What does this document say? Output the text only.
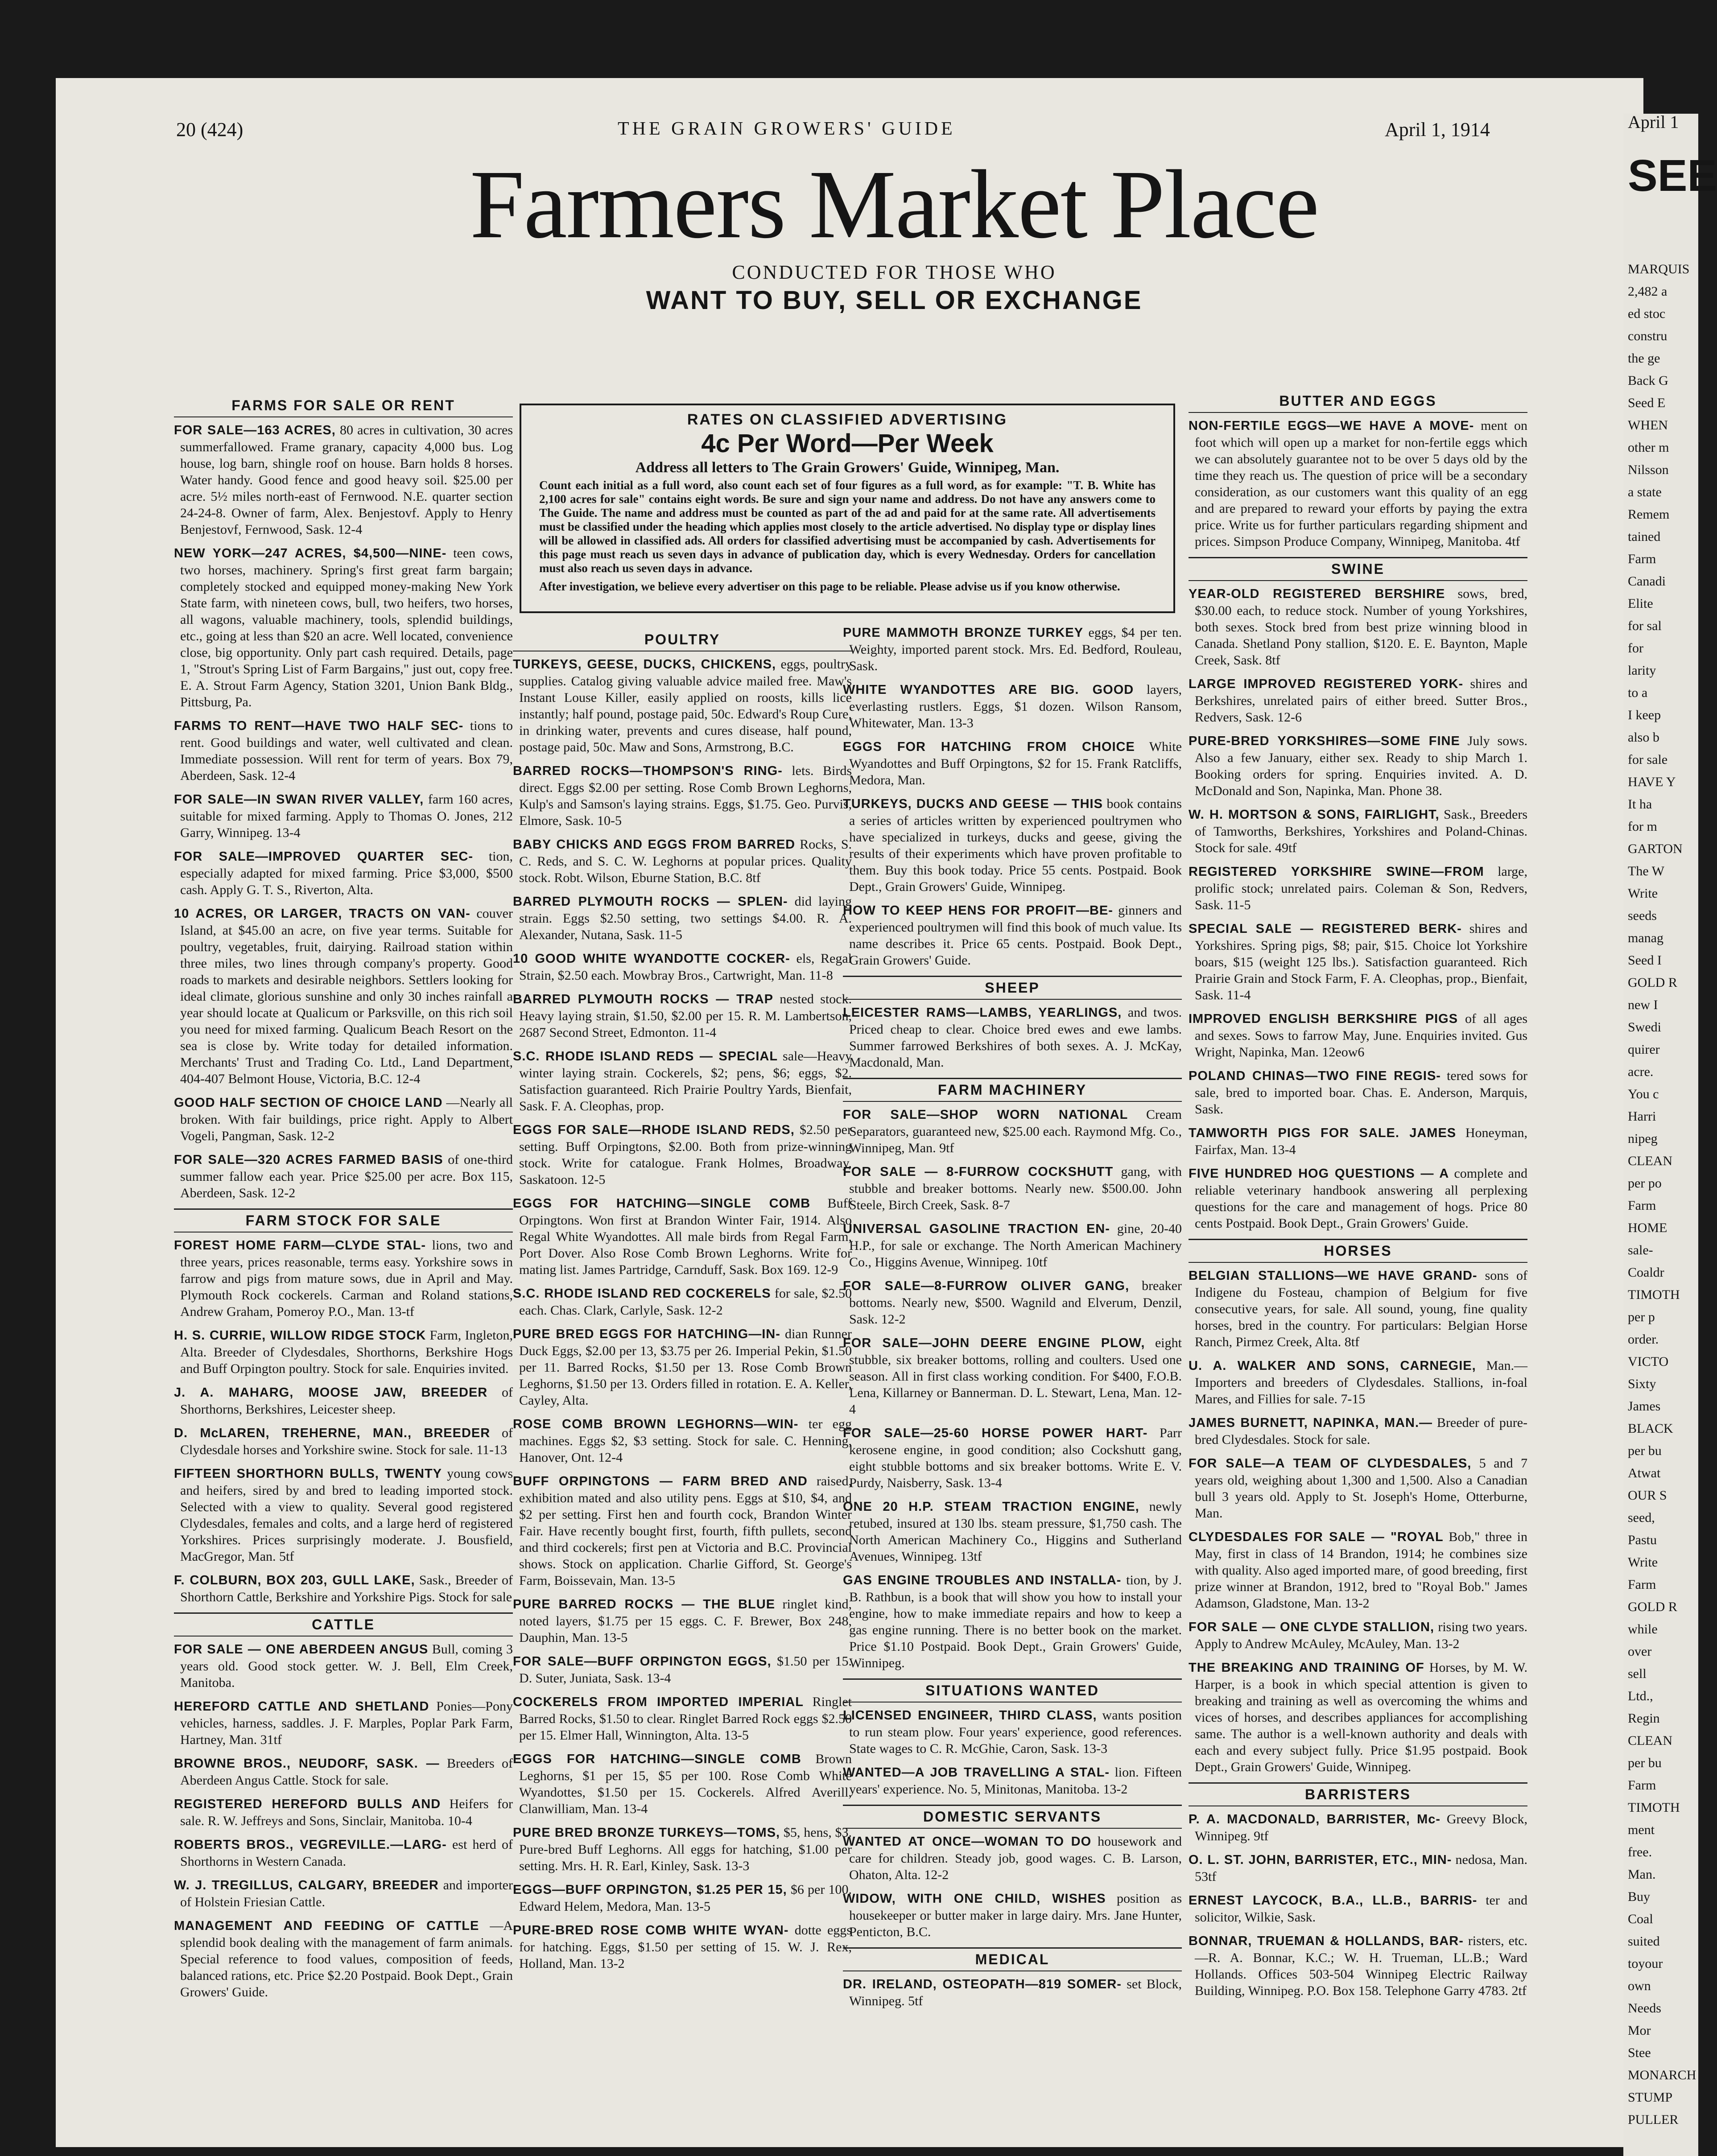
20 (424)	THE GRAIN GROWERS' GUIDE	April 1, 1914
Farmers Market Place
CONDUCTED FOR THOSE WHO
WANT TO BUY, SELL OR EXCHANGE
RATES ON CLASSIFIED ADVERTISING
4c Per Word—Per Week
Address all letters to The Grain Growers' Guide, Winnipeg, Man.
Count each initial as a full word, also count each set of four figures as a full word, as for example: "T. B. White has 2,100 acres for sale" contains eight words. Be sure and sign your name and address. Do not have any answers come to The Guide. The name and address must be counted as part of the ad and paid for at the same rate. All advertisements must be classified under the heading which applies most closely to the article advertised. No display type or display lines will be allowed in classified ads. All orders for classified advertising must be accompanied by cash. Advertisements for this page must reach us seven days in advance of publication day, which is every Wednesday. Orders for cancellation must also reach us seven days in advance.
After investigation, we believe every advertiser on this page to be reliable. Please advise us if you know otherwise.
FARMS FOR SALE OR RENT
FOR SALE—163 ACRES, 80 acres in cultivation, 30 acres summerfallowed. Frame granary, capacity 4,000 bus. Log house, log barn, shingle roof on house. Barn holds 8 horses. Water handy. Good fence and good heavy soil. $25.00 per acre. 5½ miles north-east of Fernwood. N.E. quarter section 24-24-8. Owner of farm, Alex. Benjestovf. Apply to Henry Benjestovf, Fernwood, Sask. 12-4
NEW YORK—247 ACRES, $4,500—NINE- teen cows, two horses, machinery. Spring's first great farm bargain; completely stocked and equipped money-making New York State farm, with nineteen cows, bull, two heifers, two horses, all wagons, valuable machinery, tools, splendid buildings, etc., going at less than $20 an acre. Well located, convenience close, big opportunity. Only part cash required. Details, page 1, "Strout's Spring List of Farm Bargains," just out, copy free. E. A. Strout Farm Agency, Station 3201, Union Bank Bldg., Pittsburg, Pa.
FARMS TO RENT—HAVE TWO HALF SEC- tions to rent. Good buildings and water, well cultivated and clean. Immediate possession. Will rent for term of years. Box 79, Aberdeen, Sask. 12-4
FOR SALE—IN SWAN RIVER VALLEY, farm 160 acres, suitable for mixed farming. Apply to Thomas O. Jones, 212 Garry, Winnipeg. 13-4
FOR SALE—IMPROVED QUARTER SEC- tion, especially adapted for mixed farming. Price $3,000, $500 cash. Apply G. T. S., Riverton, Alta.
10 ACRES, OR LARGER, TRACTS ON VAN- couver Island, at $45.00 an acre, on five year terms. Suitable for poultry, vegetables, fruit, dairying. Railroad station within three miles, two lines through company's property. Good roads to markets and desirable neighbors. Settlers looking for ideal climate, glorious sunshine and only 30 inches rainfall a year should locate at Qualicum or Parksville, on this rich soil you need for mixed farming. Qualicum Beach Resort on the sea is close by. Write today for detailed information. Merchants' Trust and Trading Co. Ltd., Land Department, 404-407 Belmont House, Victoria, B.C. 12-4
GOOD HALF SECTION OF CHOICE LAND —Nearly all broken. With fair buildings, price right. Apply to Albert Vogeli, Pangman, Sask. 12-2
FOR SALE—320 ACRES FARMED BASIS of one-third summer fallow each year. Price $25.00 per acre. Box 115, Aberdeen, Sask. 12-2
FARM STOCK FOR SALE
FOREST HOME FARM—CLYDE STAL- lions, two and three years, prices reasonable, terms easy. Yorkshire sows in farrow and pigs from mature sows, due in April and May. Plymouth Rock cockerels. Carman and Roland stations, Andrew Graham, Pomeroy P.O., Man. 13-tf
H. S. CURRIE, WILLOW RIDGE STOCK Farm, Ingleton, Alta. Breeder of Clydesdales, Shorthorns, Berkshire Hogs and Buff Orpington poultry. Stock for sale. Enquiries invited.
J. A. MAHARG, MOOSE JAW, BREEDER of Shorthorns, Berkshires, Leicester sheep.
D. McLAREN, TREHERNE, MAN., BREEDER of Clydesdale horses and Yorkshire swine. Stock for sale. 11-13
FIFTEEN SHORTHORN BULLS, TWENTY young cows and heifers, sired by and bred to leading imported stock. Selected with a view to quality. Several good registered Clydesdales, females and colts, and a large herd of registered Yorkshires. Prices surprisingly moderate. J. Bousfield, MacGregor, Man. 5tf
F. COLBURN, BOX 203, GULL LAKE, Sask., Breeder of Shorthorn Cattle, Berkshire and Yorkshire Pigs. Stock for sale
CATTLE
FOR SALE — ONE ABERDEEN ANGUS Bull, coming 3 years old. Good stock getter. W. J. Bell, Elm Creek, Manitoba.
HEREFORD CATTLE AND SHETLAND Ponies—Pony vehicles, harness, saddles. J. F. Marples, Poplar Park Farm, Hartney, Man. 31tf
BROWNE BROS., NEUDORF, SASK. — Breeders of Aberdeen Angus Cattle. Stock for sale.
REGISTERED HEREFORD BULLS AND Heifers for sale. R. W. Jeffreys and Sons, Sinclair, Manitoba. 10-4
ROBERTS BROS., VEGREVILLE.—LARG- est herd of Shorthorns in Western Canada.
W. J. TREGILLUS, CALGARY, BREEDER and importer of Holstein Friesian Cattle.
MANAGEMENT AND FEEDING OF CATTLE —A splendid book dealing with the management of farm animals. Special reference to food values, composition of feeds, balanced rations, etc. Price $2.20 Postpaid. Book Dept., Grain Growers' Guide.
POULTRY
TURKEYS, GEESE, DUCKS, CHICKENS, eggs, poultry supplies. Catalog giving valuable advice mailed free. Maw's Instant Louse Killer, easily applied on roosts, kills lice instantly; half pound, postage paid, 50c. Edward's Roup Cure, in drinking water, prevents and cures disease, half pound, postage paid, 50c. Maw and Sons, Armstrong, B.C.
BARRED ROCKS—THOMPSON'S RING- lets. Birds direct. Eggs $2.00 per setting. Rose Comb Brown Leghorns, Kulp's and Samson's laying strains. Eggs, $1.75. Geo. Purvis, Elmore, Sask. 10-5
BABY CHICKS AND EGGS FROM BARRED Rocks, S. C. Reds, and S. C. W. Leghorns at popular prices. Quality stock. Robt. Wilson, Eburne Station, B.C. 8tf
BARRED PLYMOUTH ROCKS — SPLEN- did laying strain. Eggs $2.50 setting, two settings $4.00. R. A. Alexander, Nutana, Sask. 11-5
10 GOOD WHITE WYANDOTTE COCKER- els, Regal Strain, $2.50 each. Mowbray Bros., Cartwright, Man. 11-8
BARRED PLYMOUTH ROCKS — TRAP nested stock. Heavy laying strain, $1.50, $2.00 per 15. R. M. Lambertson, 2687 Second Street, Edmonton. 11-4
S.C. RHODE ISLAND REDS — SPECIAL sale—Heavy winter laying strain. Cockerels, $2; pens, $6; eggs, $2. Satisfaction guaranteed. Rich Prairie Poultry Yards, Bienfait, Sask. F. A. Cleophas, prop.
EGGS FOR SALE—RHODE ISLAND REDS, $2.50 per setting. Buff Orpingtons, $2.00. Both from prize-winning stock. Write for catalogue. Frank Holmes, Broadway, Saskatoon. 12-5
EGGS FOR HATCHING—SINGLE COMB Buff Orpingtons. Won first at Brandon Winter Fair, 1914. Also Regal White Wyandottes. All male birds from Regal Farm, Port Dover. Also Rose Comb Brown Leghorns. Write for mating list. James Partridge, Carnduff, Sask. Box 169. 12-9
S.C. RHODE ISLAND RED COCKERELS for sale, $2.50 each. Chas. Clark, Carlyle, Sask. 12-2
PURE BRED EGGS FOR HATCHING—IN- dian Runner Duck Eggs, $2.00 per 13, $3.75 per 26. Imperial Pekin, $1.50 per 11. Barred Rocks, $1.50 per 13. Rose Comb Brown Leghorns, $1.50 per 13. Orders filled in rotation. E. A. Keller, Cayley, Alta.
ROSE COMB BROWN LEGHORNS—WIN- ter egg machines. Eggs $2, $3 setting. Stock for sale. C. Henning, Hanover, Ont. 12-4
BUFF ORPINGTONS — FARM BRED AND raised, exhibition mated and also utility pens. Eggs at $10, $4, and $2 per setting. First hen and fourth cock, Brandon Winter Fair. Have recently bought first, fourth, fifth pullets, second and third cockerels; first pen at Victoria and B.C. Provincial shows. Stock on application. Charlie Gifford, St. George's Farm, Boissevain, Man. 13-5
PURE BARRED ROCKS — THE BLUE ringlet kind, noted layers, $1.75 per 15 eggs. C. F. Brewer, Box 248, Dauphin, Man. 13-5
FOR SALE—BUFF ORPINGTON EGGS, $1.50 per 15. D. Suter, Juniata, Sask. 13-4
COCKERELS FROM IMPORTED IMPERIAL Ringlet Barred Rocks, $1.50 to clear. Ringlet Barred Rock eggs $2.50 per 15. Elmer Hall, Winnington, Alta. 13-5
EGGS FOR HATCHING—SINGLE COMB Brown Leghorns, $1 per 15, $5 per 100. Rose Comb White Wyandottes, $1.50 per 15. Cockerels. Alfred Averill, Clanwilliam, Man. 13-4
PURE BRED BRONZE TURKEYS—TOMS, $5, hens, $3. Pure-bred Buff Leghorns. All eggs for hatching, $1.00 per setting. Mrs. H. R. Earl, Kinley, Sask. 13-3
EGGS—BUFF ORPINGTON, $1.25 PER 15, $6 per 100. Edward Helem, Medora, Man. 13-5
PURE-BRED ROSE COMB WHITE WYAN- dotte eggs for hatching. Eggs, $1.50 per setting of 15. W. J. Rex, Holland, Man. 13-2
PURE MAMMOTH BRONZE TURKEY eggs, $4 per ten. Weighty, imported parent stock. Mrs. Ed. Bedford, Rouleau, Sask.
WHITE WYANDOTTES ARE BIG. GOOD layers, everlasting rustlers. Eggs, $1 dozen. Wilson Ransom, Whitewater, Man. 13-3
EGGS FOR HATCHING FROM CHOICE White Wyandottes and Buff Orpingtons, $2 for 15. Frank Ratcliffs, Medora, Man.
TURKEYS, DUCKS AND GEESE — THIS book contains a series of articles written by experienced poultrymen who have specialized in turkeys, ducks and geese, giving the results of their experiments which have proven profitable to them. Buy this book today. Price 55 cents. Postpaid. Book Dept., Grain Growers' Guide, Winnipeg.
HOW TO KEEP HENS FOR PROFIT—BE- ginners and experienced poultrymen will find this book of much value. Its name describes it. Price 65 cents. Postpaid. Book Dept., Grain Growers' Guide.
SHEEP
LEICESTER RAMS—LAMBS, YEARLINGS, and twos. Priced cheap to clear. Choice bred ewes and ewe lambs. Summer farrowed Berkshires of both sexes. A. J. McKay, Macdonald, Man.
FARM MACHINERY
FOR SALE—SHOP WORN NATIONAL Cream Separators, guaranteed new, $25.00 each. Raymond Mfg. Co., Winnipeg, Man. 9tf
FOR SALE — 8-FURROW COCKSHUTT gang, with stubble and breaker bottoms. Nearly new. $500.00. John Steele, Birch Creek, Sask. 8-7
UNIVERSAL GASOLINE TRACTION EN- gine, 20-40 H.P., for sale or exchange. The North American Machinery Co., Higgins Avenue, Winnipeg. 10tf
FOR SALE—8-FURROW OLIVER GANG, breaker bottoms. Nearly new, $500. Wagnild and Elverum, Denzil, Sask. 12-2
FOR SALE—JOHN DEERE ENGINE PLOW, eight stubble, six breaker bottoms, rolling and coulters. Used one season. All in first class working condition. For $400, F.O.B. Lena, Killarney or Bannerman. D. L. Stewart, Lena, Man. 12-4
FOR SALE—25-60 HORSE POWER HART- Parr kerosene engine, in good condition; also Cockshutt gang, eight stubble bottoms and six breaker bottoms. Write E. V. Purdy, Naisberry, Sask. 13-4
ONE 20 H.P. STEAM TRACTION ENGINE, newly retubed, insured at 130 lbs. steam pressure, $1,750 cash. The North American Machinery Co., Higgins and Sutherland Avenues, Winnipeg. 13tf
GAS ENGINE TROUBLES AND INSTALLA- tion, by J. B. Rathbun, is a book that will show you how to install your engine, how to make immediate repairs and how to keep a gas engine running. There is no better book on the market. Price $1.10 Postpaid. Book Dept., Grain Growers' Guide, Winnipeg.
SITUATIONS WANTED
LICENSED ENGINEER, THIRD CLASS, wants position to run steam plow. Four years' experience, good references. State wages to C. R. McGhie, Caron, Sask. 13-3
WANTED—A JOB TRAVELLING A STAL- lion. Fifteen years' experience. No. 5, Minitonas, Manitoba. 13-2
DOMESTIC SERVANTS
WANTED AT ONCE—WOMAN TO DO housework and care for children. Steady job, good wages. C. B. Larson, Ohaton, Alta. 12-2
WIDOW, WITH ONE CHILD, WISHES position as housekeeper or butter maker in large dairy. Mrs. Jane Hunter, Penticton, B.C.
MEDICAL
DR. IRELAND, OSTEOPATH—819 SOMER- set Block, Winnipeg. 5tf
BUTTER AND EGGS
NON-FERTILE EGGS—WE HAVE A MOVE- ment on foot which will open up a market for non-fertile eggs which we can absolutely guarantee not to be over 5 days old by the time they reach us. The question of price will be a secondary consideration, as our customers want this quality of an egg and are prepared to reward your efforts by paying the extra price. Write us for further particulars regarding shipment and prices. Simpson Produce Company, Winnipeg, Manitoba. 4tf
SWINE
YEAR-OLD REGISTERED BERSHIRE sows, bred, $30.00 each, to reduce stock. Number of young Yorkshires, both sexes. Stock bred from best prize winning blood in Canada. Shetland Pony stallion, $120. E. E. Baynton, Maple Creek, Sask. 8tf
LARGE IMPROVED REGISTERED YORK- shires and Berkshires, unrelated pairs of either breed. Sutter Bros., Redvers, Sask. 12-6
PURE-BRED YORKSHIRES—SOME FINE July sows. Also a few January, either sex. Ready to ship March 1. Booking orders for spring. Enquiries invited. A. D. McDonald and Son, Napinka, Man. Phone 38.
W. H. MORTSON & SONS, FAIRLIGHT, Sask., Breeders of Tamworths, Berkshires, Yorkshires and Poland-Chinas. Stock for sale. 49tf
REGISTERED YORKSHIRE SWINE—FROM large, prolific stock; unrelated pairs. Coleman & Son, Redvers, Sask. 11-5
SPECIAL SALE — REGISTERED BERK- shires and Yorkshires. Spring pigs, $8; pair, $15. Choice lot Yorkshire boars, $15 (weight 125 lbs.). Satisfaction guaranteed. Rich Prairie Grain and Stock Farm, F. A. Cleophas, prop., Bienfait, Sask. 11-4
IMPROVED ENGLISH BERKSHIRE PIGS of all ages and sexes. Sows to farrow May, June. Enquiries invited. Gus Wright, Napinka, Man. 12eow6
POLAND CHINAS—TWO FINE REGIS- tered sows for sale, bred to imported boar. Chas. E. Anderson, Marquis, Sask.
TAMWORTH PIGS FOR SALE. JAMES Honeyman, Fairfax, Man. 13-4
FIVE HUNDRED HOG QUESTIONS — A complete and reliable veterinary handbook answering all perplexing questions for the care and management of hogs. Price 80 cents Postpaid. Book Dept., Grain Growers' Guide.
HORSES
BELGIAN STALLIONS—WE HAVE GRAND- sons of Indigene du Fosteau, champion of Belgium for five consecutive years, for sale. All sound, young, fine quality horses, bred in the country. For particulars: Belgian Horse Ranch, Pirmez Creek, Alta. 8tf
U. A. WALKER AND SONS, CARNEGIE, Man.—Importers and breeders of Clydesdales. Stallions, in-foal Mares, and Fillies for sale. 7-15
JAMES BURNETT, NAPINKA, MAN.— Breeder of pure-bred Clydesdales. Stock for sale.
FOR SALE—A TEAM OF CLYDESDALES, 5 and 7 years old, weighing about 1,300 and 1,500. Also a Canadian bull 3 years old. Apply to St. Joseph's Home, Otterburne, Man.
CLYDESDALES FOR SALE — "ROYAL Bob," three in May, first in class of 14 Brandon, 1914; he combines size with quality. Also aged imported mare, of good breeding, first prize winner at Brandon, 1912, bred to "Royal Bob." James Adamson, Gladstone, Man. 13-2
FOR SALE — ONE CLYDE STALLION, rising two years. Apply to Andrew McAuley, McAuley, Man. 13-2
THE BREAKING AND TRAINING OF Horses, by M. W. Harper, is a book in which special attention is given to breaking and training as well as overcoming the whims and vices of horses, and describes appliances for accomplishing same. The author is a well-known authority and deals with each and every subject fully. Price $1.95 postpaid. Book Dept., Grain Growers' Guide, Winnipeg.
BARRISTERS
P. A. MACDONALD, BARRISTER, Mc- Greevy Block, Winnipeg. 9tf
O. L. ST. JOHN, BARRISTER, ETC., MIN- nedosa, Man. 53tf
ERNEST LAYCOCK, B.A., LL.B., BARRIS- ter and solicitor, Wilkie, Sask.
BONNAR, TRUEMAN & HOLLANDS, BAR- risters, etc.—R. A. Bonnar, K.C.; W. H. Trueman, LL.B.; Ward Hollands. Offices 503-504 Winnipeg Electric Railway Building, Winnipeg. P.O. Box 158. Telephone Garry 4783. 2tf
April 1
SEE
MARQUIS
2,482 a
ed stoc
constru
the ge
Back G
Seed E
WHEN
other m
Nilsson
a state
Remem
tained
Farm
Canadi
Elite
for sal
for
larity
to a
I keep
also b
for sale
HAVE Y
It ha
for m
GARTON
The W
Write
seeds
manag
Seed I
GOLD R
new I
Swedi
quirer
acre.
You c
Harri
nipeg
CLEAN
per po
Farm
HOME
sale-
Coaldr
TIMOTH
per p
order.
VICTO
Sixty
James
BLACK
per bu
Atwat
OUR S
seed,
Pastu
Write
Farm
GOLD R
while
over
sell
Ltd.,
Regin
CLEAN
per bu
Farm
TIMOTH
ment
free.
Man.
Buy
Coal
suited
toyour
own
Needs
Mor
Stee
MONARCH
STUMP
PULLER
